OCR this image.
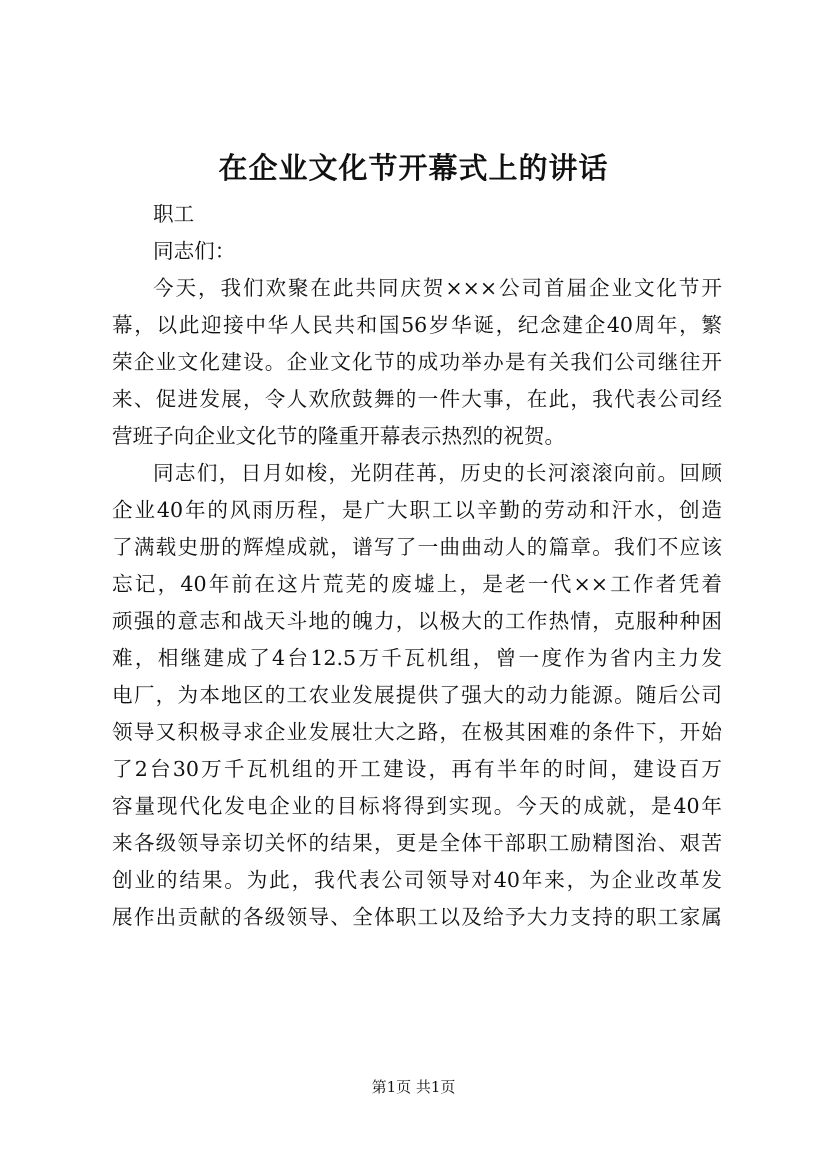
在企业文化节开幕式上的讲话
职工
同志们：
今天，我们欢聚在此共同庆贺×××公司首届企业文化节开
幕，以此迎接中华人民共和国56岁华诞，纪念建企40周年，繁
荣企业文化建设。企业文化节的成功举办是有关我们公司继往开
来、促进发展，令人欢欣鼓舞的一件大事，在此，我代表公司经
营班子向企业文化节的隆重开幕表示热烈的祝贺。
同志们，日月如梭，光阴荏苒，历史的长河滚滚向前。回顾
企业40年的风雨历程，是广大职工以辛勤的劳动和汗水，创造
了满载史册的辉煌成就，谱写了一曲曲动人的篇章。我们不应该
忘记，40年前在这片荒芜的废墟上，是老一代××工作者凭着
顽强的意志和战天斗地的魄力，以极大的工作热情，克服种种困
难，相继建成了4台12.5万千瓦机组，曾一度作为省内主力发
电厂，为本地区的工农业发展提供了强大的动力能源。随后公司
领导又积极寻求企业发展壮大之路，在极其困难的条件下，开始
了2台30万千瓦机组的开工建设，再有半年的时间，建设百万
容量现代化发电企业的目标将得到实现。今天的成就，是40年
来各级领导亲切关怀的结果，更是全体干部职工励精图治、艰苦
创业的结果。为此，我代表公司领导对40年来，为企业改革发
展作出贡献的各级领导、全体职工以及给予大力支持的职工家属
第1页 共1页
